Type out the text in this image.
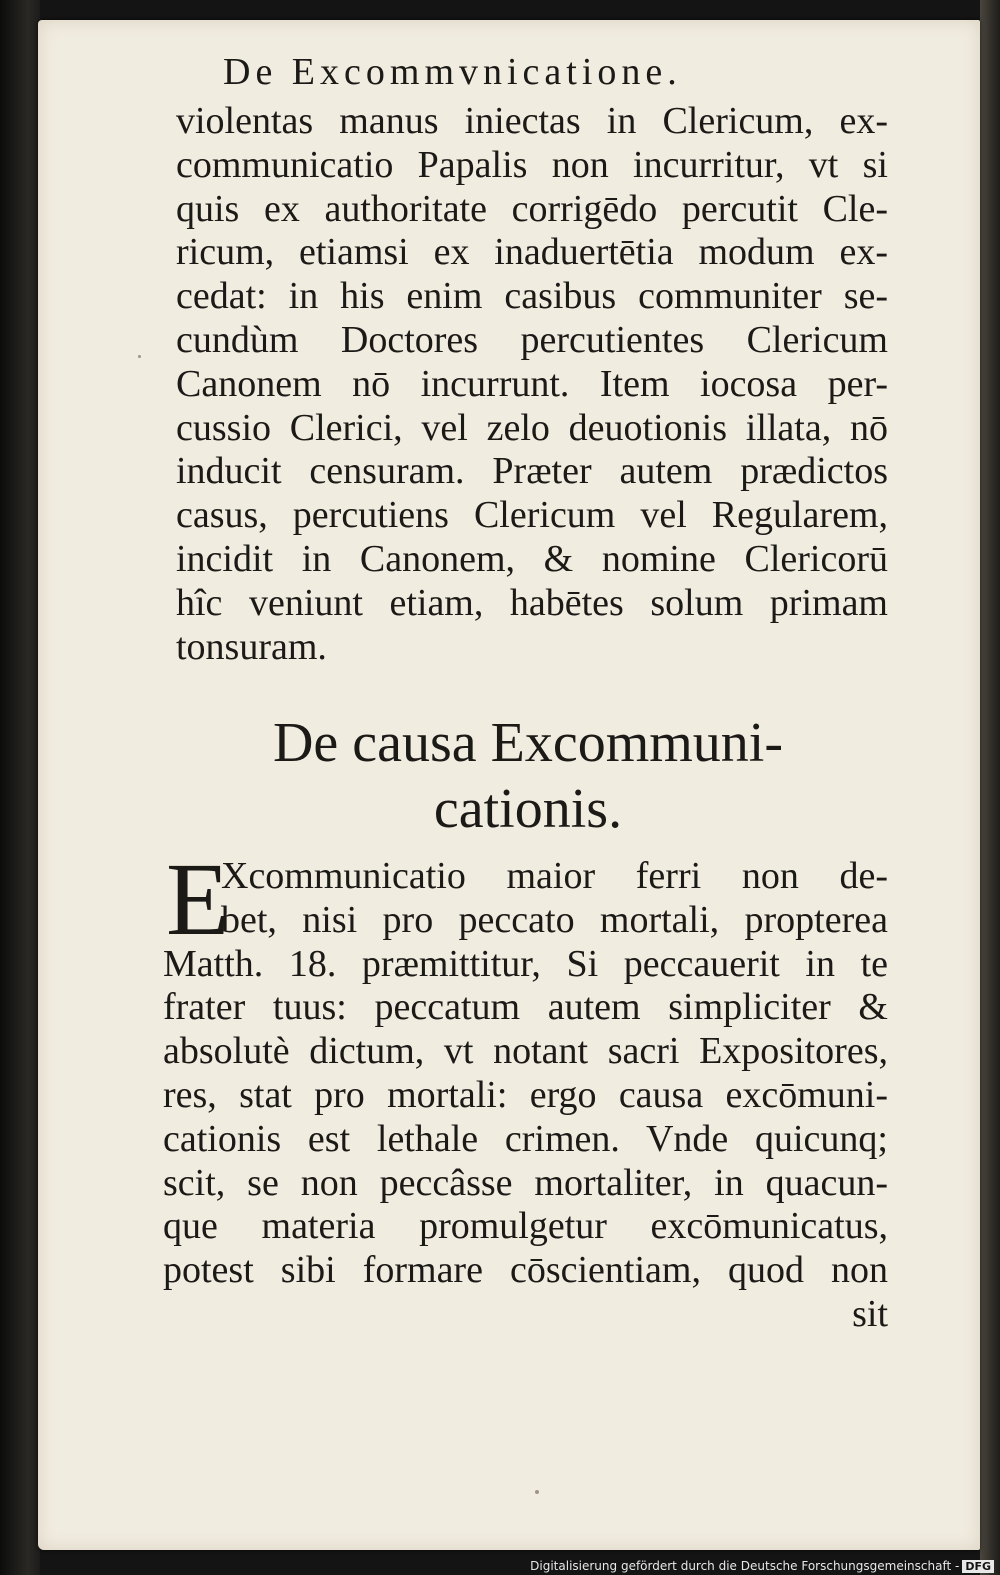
De Excommvnicatione.

violentas manus iniectas in Clericum, ex-
communicatio Papalis non incurritur, vt si
quis ex authoritate corrigēdo percutit Cle-
ricum, etiamsi ex inaduertētia modum ex-
cedat: in his enim casibus communiter se-
cundùm Doctores percutientes Clericum
Canonem nō incurrunt. Item iocosa per-
cussio Clerici, vel zelo deuotionis illata, nō
inducit censuram. Præter autem prædictos
casus, percutiens Clericum vel Regularem,
incidit in Canonem, & nomine Clericorū
hîc veniunt etiam, habētes solum primam
tonsuram.

De causa Excommuni-
cationis.
E

Xcommunicatio maior ferri non de-
bet, nisi pro peccato mortali, propterea
Matth. 18. præmittitur, Si peccauerit in te
frater tuus: peccatum autem simpliciter &
absolutè dictum, vt notant sacri Expositores,
res, stat pro mortali: ergo causa excōmuni-
cationis est lethale crimen. Vnde quicunq;
scit, se non peccâsse mortaliter, in quacun-
que materia promulgetur excōmunicatus,
potest sibi formare cōscientiam, quod non
sit

Digitalisierung gefördert durch die Deutsche Forschungsgemeinschaft - DFG
